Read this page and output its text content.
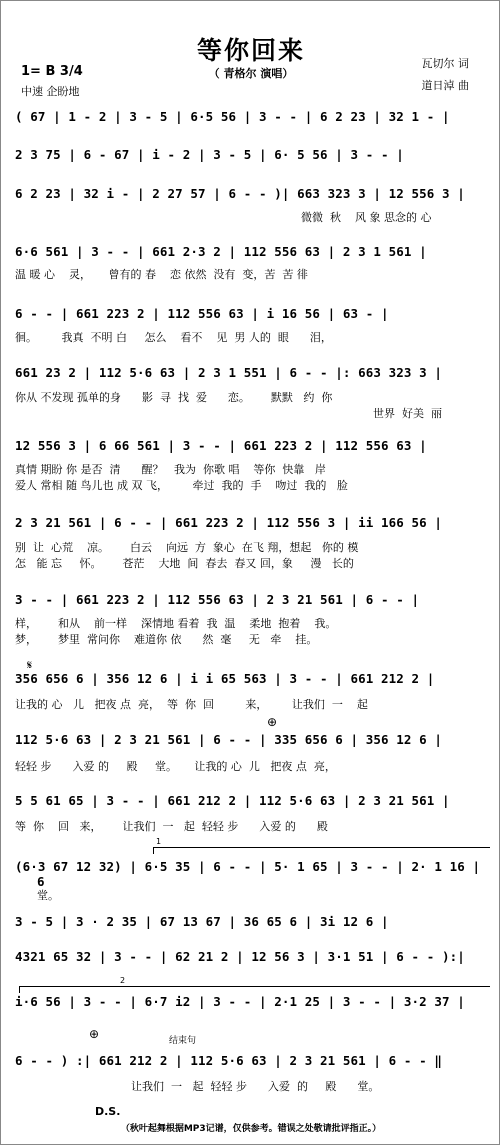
等你回来
（ 青格尔 演唱）
瓦切尔 词
道日淖 曲
1= B 3/4
中速 企盼地
( 67 | 1 - 2 | 3 - 5 | 6·5 56 | 3 - - | 6 2 23 | 32 1 - |
2 3 75 | 6 - 67 | i - 2 | 3 - 5 | 6· 5 56 | 3 - - |
6 2 23 | 32 i - | 2 27 57 | 6 - - )| 663 323 3 | 12 556 3 |
微微  秋    风 象 思念的 心
6·6 561 | 3 - - | 661 2·3 2 | 112 556 63 | 2 3 1 561 |
温 暖 心    灵，     曾有的 春    恋 依然  没有  变，苦  苦 徘
6 - - | 661 223 2 | 112 556 63 | i 16 56 | 63 - |
徊。       我真  不明 白     怎么    看不    见  男 人的  眼      泪，
661 23 2 | 112 5·6 63 | 2 3 1 551 | 6 - - |: 663 323 3 |
你从 不发现 孤单的身      影  寻  找  爱      恋。      默默   约  你
世界  好美  丽
12 556 3 | 6 66 561 | 3 - - | 661 223 2 | 112 556 63 |
真情 期盼 你 是否  清      醒？   我为  你歌 唱    等你  快靠   岸
爱人 常相 随 鸟儿也 成 双 飞，       牵过  我的  手    吻过  我的   脸
2 3 21 561 | 6 - - | 661 223 2 | 112 556 3 | ii 166 56 |
别  让  心荒    凉。      白云    向远  方  象心  在飞 翔，想起   你的 模
怎   能 忘     怀。      苍茫    大地  间  春去  春又 回，象     漫   长的
3 - - | 661 223 2 | 112 556 63 | 2 3 21 561 | 6 - - |
样，      和从    前一样    深情地 看着  我  温    柔地  抱着    我。
梦，      梦里  常问你    难道你 依      然  毫     无   牵    挂。
𝄋
356 656 6 | 356 12 6 | i i 65 563 | 3 - - | 661 212 2 |
让我的 心   儿   把夜 点  亮，  等  你  回         来，       让我们  一    起
⊕
112 5·6 63 | 2 3 21 561 | 6 - - | 335 656 6 | 356 12 6 |
轻轻 步      入爱 的     殿     堂。     让我的 心  儿   把夜 点  亮，
5 5 61 65 | 3 - - | 661 212 2 | 112 5·6 63 | 2 3 21 561 |
等  你    回   来，      让我们  一   起  轻轻 步      入爱 的      殿
1
(6·3 67 12 32) | 6·5 35 | 6 - - | 5· 1 65 | 3 - - | 2· 1 16 |
6
堂。
3 - 5 | 3 · 2 35 | 67 13 67 | 36 65 6 | 3i 12 6 |
4321 65 32 | 3 - - | 62 21 2 | 12 56 3 | 3·1 51 | 6 - - ):|
2
i·6 56 | 3 - - | 6·7 i2 | 3 - - | 2·1 25 | 3 - - | 3·2 37 |
⊕	结束句
6 - - ) :| 661 212 2 | 112 5·6 63 | 2 3 21 561 | 6 - - ‖
D.S.
让我们  一   起  轻轻 步      入爱  的     殿      堂。
（秋叶起舞根据MP3记谱，仅供参考。错误之处敬请批评指正。）
